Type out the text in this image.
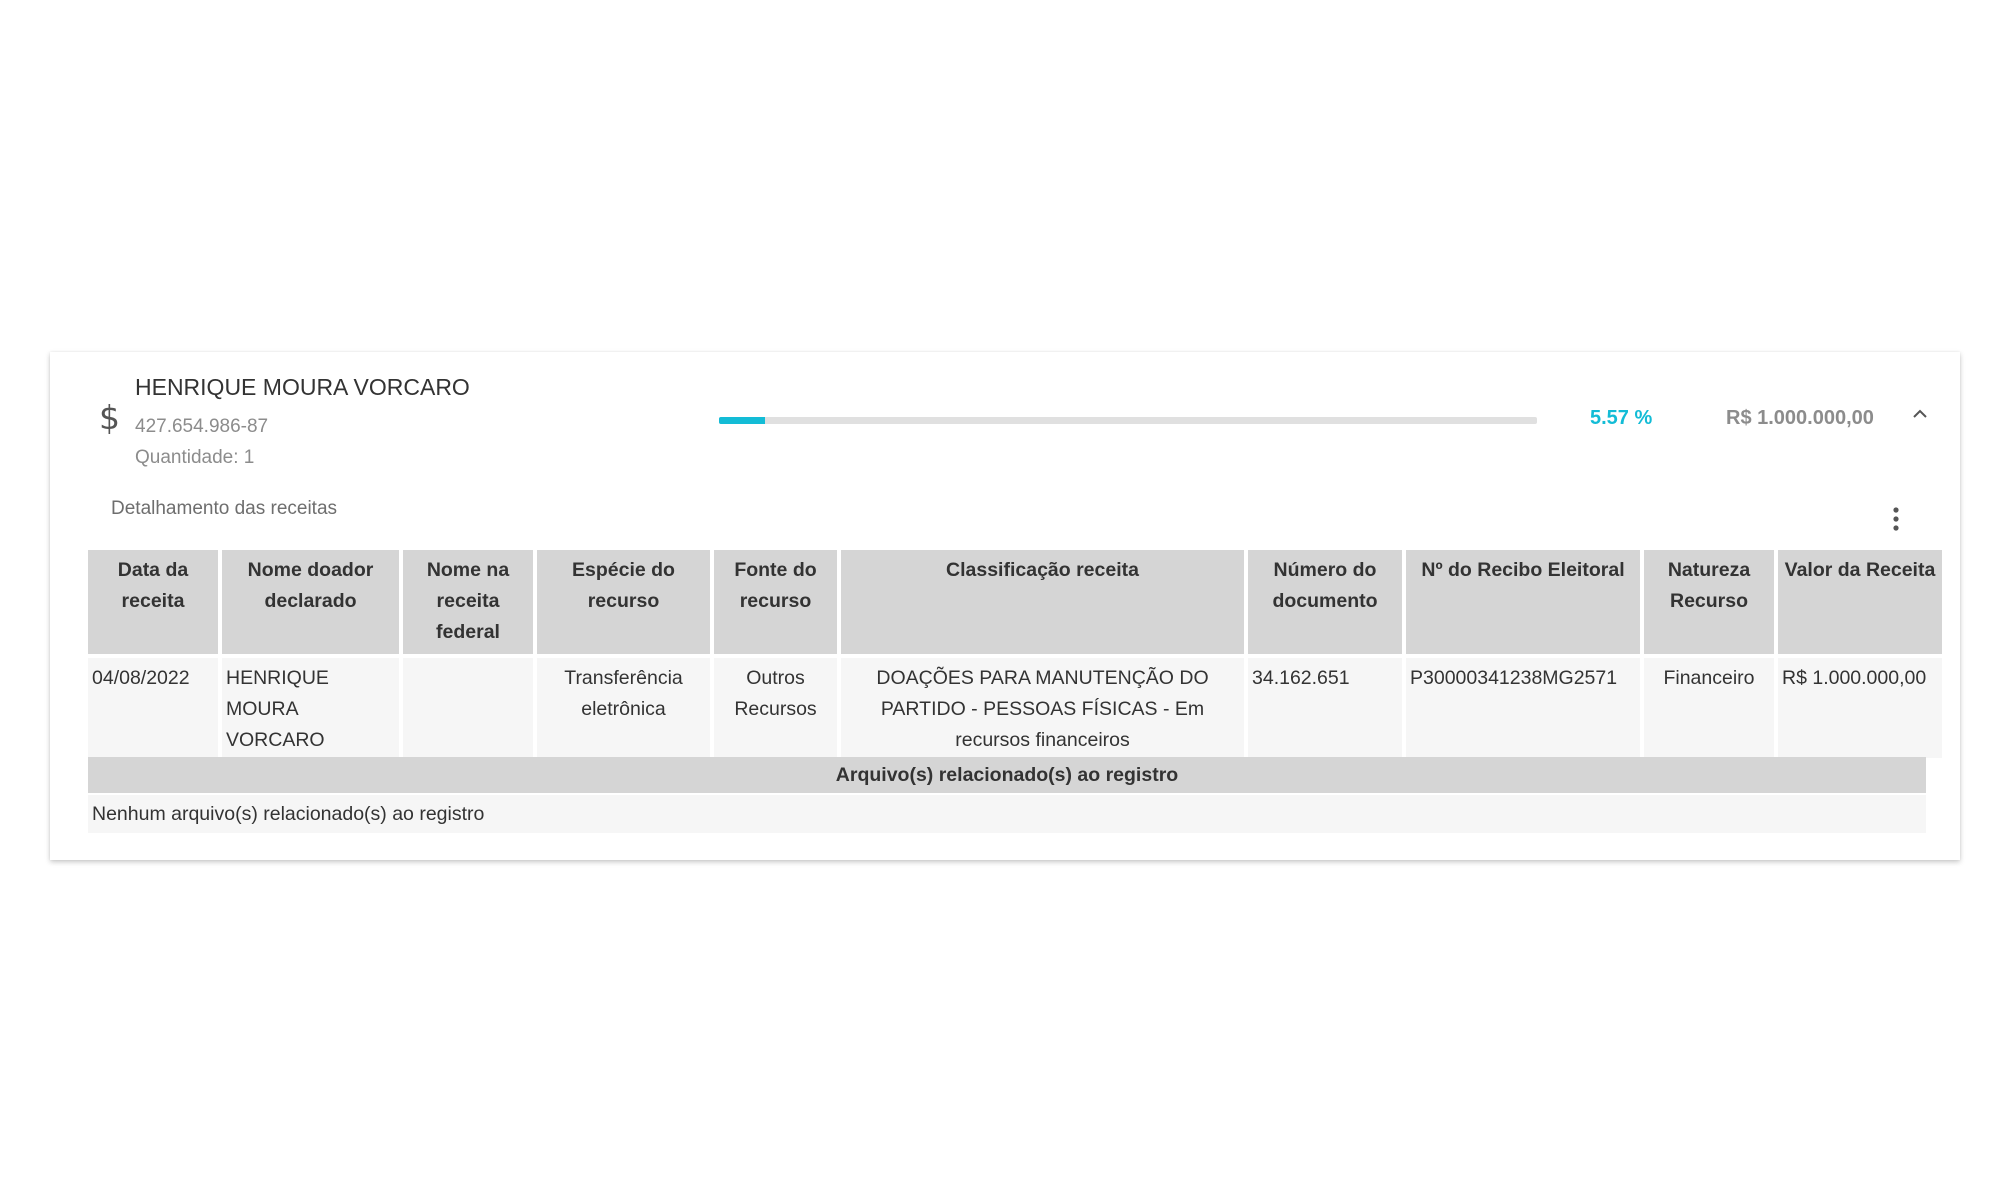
$
HENRIQUE MOURA VORCARO
427.654.986-87
Quantidade: 1
5.57 %	R$ 1.000.000,00
Detalhamento das receitas
Data da receita	Nome doador declarado	Nome na receita federal	Espécie do recurso	Fonte do recurso	Classificação receita	Número do documento	Nº do Recibo Eleitoral	Natureza Recurso	Valor da Receita
04/08/2022	HENRIQUE MOURA VORCARO		Transferência eletrônica	Outros Recursos	DOAÇÕES PARA MANUTENÇÃO DO PARTIDO - PESSOAS FÍSICAS - Em recursos financeiros	34.162.651	P30000341238MG2571	Financeiro	R$ 1.000.000,00
Arquivo(s) relacionado(s) ao registro
Nenhum arquivo(s) relacionado(s) ao registro
